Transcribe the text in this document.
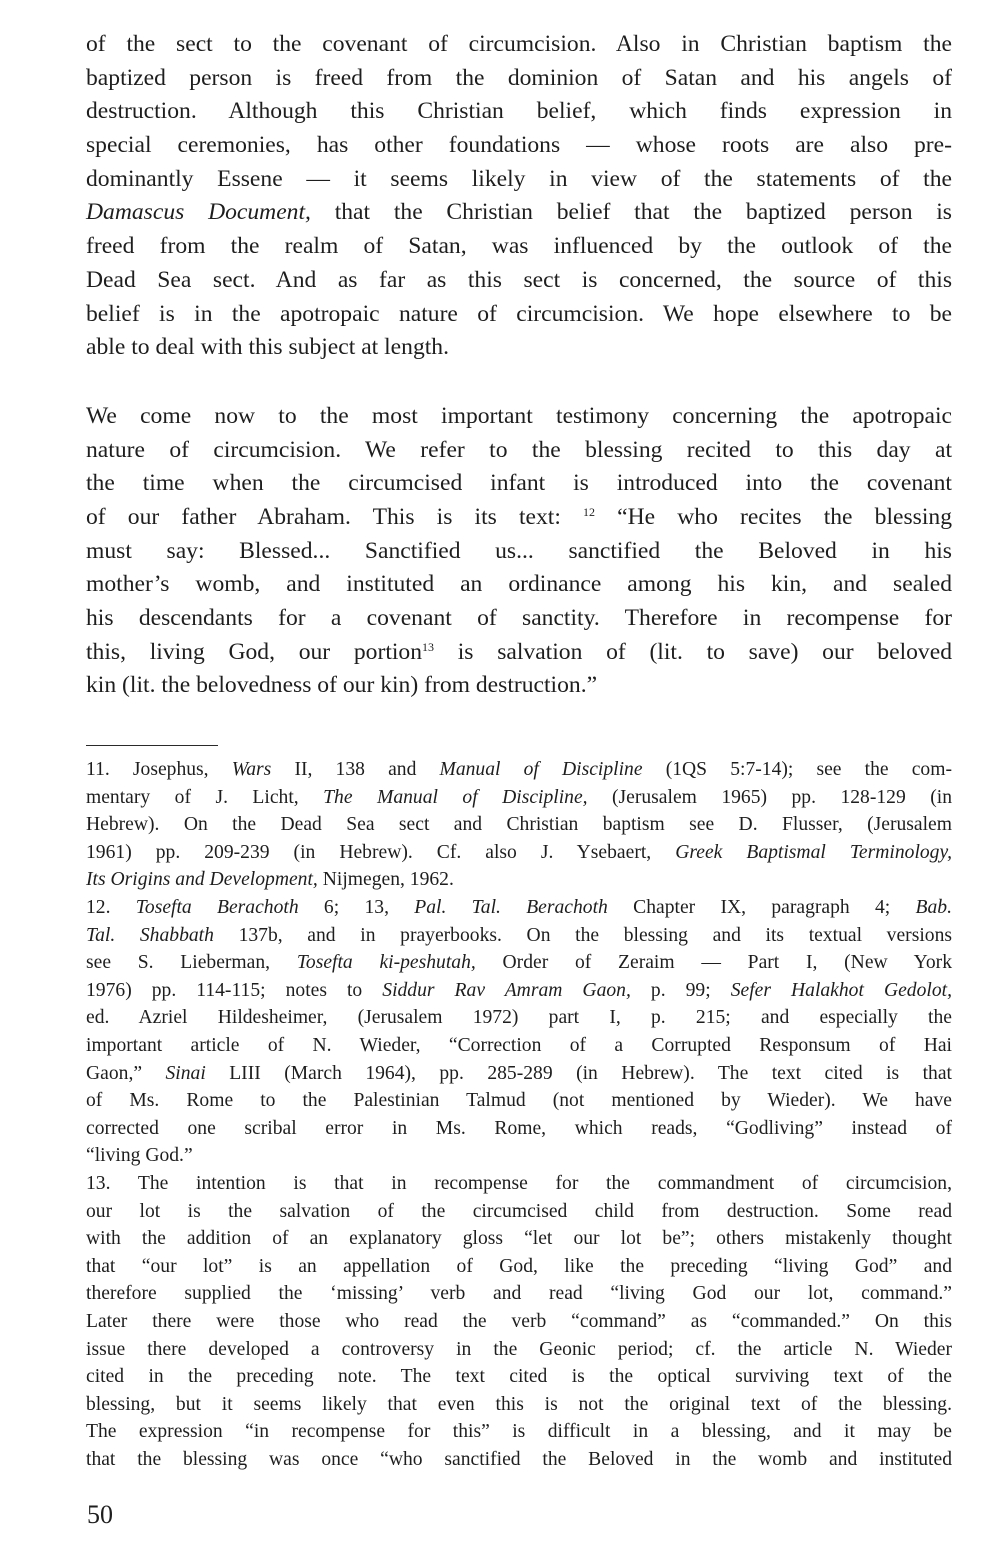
of the sect to the covenant of circumcision. Also in Christian baptism the
baptized person is freed from the dominion of Satan and his angels of
destruction. Although this Christian belief, which finds expression in
special ceremonies, has other foundations — whose roots are also pre-
dominantly Essene — it seems likely in view of the statements of the
Damascus Document, that the Christian belief that the baptized person is
freed from the realm of Satan, was influenced by the outlook of the
Dead Sea sect. And as far as this sect is concerned, the source of this
belief is in the apotropaic nature of circumcision. We hope elsewhere to be
able to deal with this subject at length.
We come now to the most important testimony concerning the apotropaic
nature of circumcision. We refer to the blessing recited to this day at
the time when the circumcised infant is introduced into the covenant
of our father Abraham. This is its text: $^{12}$ “He who recites the blessing
must say: Blessed... Sanctified us... sanctified the Beloved in his
mother’s womb, and instituted an ordinance among his kin, and sealed
his descendants for a covenant of sanctity. Therefore in recompense for
this, living God, our portion$^{13}$ is salvation of (lit. to save) our beloved
kin (lit. the belovedness of our kin) from destruction.”
11. Josephus, Wars II, 138 and Manual of Discipline (1QS 5:7-14); see the com-
mentary of J. Licht, The Manual of Discipline, (Jerusalem 1965) pp. 128-129 (in
Hebrew). On the Dead Sea sect and Christian baptism see D. Flusser, (Jerusalem
1961) pp. 209-239 (in Hebrew). Cf. also J. Ysebaert, Greek Baptismal Terminology,
Its Origins and Development, Nijmegen, 1962.
12. Tosefta Berachoth 6; 13, Pal. Tal. Berachoth Chapter IX, paragraph 4; Bab.
Tal. Shabbath 137b, and in prayerbooks. On the blessing and its textual versions
see S. Lieberman, Tosefta ki-peshutah, Order of Zeraim — Part I, (New York
1976) pp. 114-115; notes to Siddur Rav Amram Gaon, p. 99; Sefer Halakhot Gedolot,
ed. Azriel Hildesheimer, (Jerusalem 1972) part I, p. 215; and especially the
important article of N. Wieder, “Correction of a Corrupted Responsum of Hai
Gaon,” Sinai LIII (March 1964), pp. 285-289 (in Hebrew). The text cited is that
of Ms. Rome to the Palestinian Talmud (not mentioned by Wieder). We have
corrected one scribal error in Ms. Rome, which reads, “Godliving” instead of
“living God.”
13. The intention is that in recompense for the commandment of circumcision,
our lot is the salvation of the circumcised child from destruction. Some read
with the addition of an explanatory gloss “let our lot be”; others mistakenly thought
that “our lot” is an appellation of God, like the preceding “living God” and
therefore supplied the ‘missing’ verb and read “living God our lot, command.”
Later there were those who read the verb “command” as “commanded.” On this
issue there developed a controversy in the Geonic period; cf. the article N. Wieder
cited in the preceding note. The text cited is the optical surviving text of the
blessing, but it seems likely that even this is not the original text of the blessing.
The expression “in recompense for this” is difficult in a blessing, and it may be
that the blessing was once “who sanctified the Beloved in the womb and instituted
50
